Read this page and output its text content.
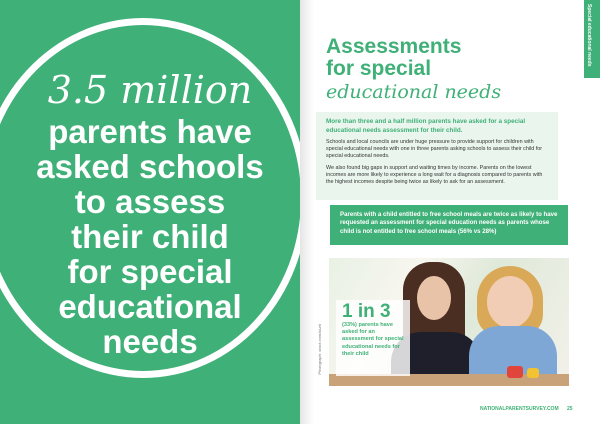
3.5 million
parents have
asked schools
to assess
their child
for special
educational
needs
Special educational needs
Assessments
for special
educational needs
More than three and a half million parents have asked for a special educational needs assessment for their child.

Schools and local councils are under huge pressure to provide support for children with special educational needs with one in three parents asking schools to assess their child for special educational needs.

We also found big gaps in support and waiting times by income. Parents on the lowest incomes are more likely to experience a long wait for a diagnosis compared to parents with the highest incomes despite being twice as likely to ask for an assessment.

Parents with a child entitled to free school meals are twice as likely to have requested an assessment for special education needs as parents whose child is not entitled to free school meals (56% vs 28%)
Photograph: stock.com/sturti
1 in 3
(33%) parents have asked for an assessment for special educational needs for their child
NATIONALPARENTSURVEY.COM 25
